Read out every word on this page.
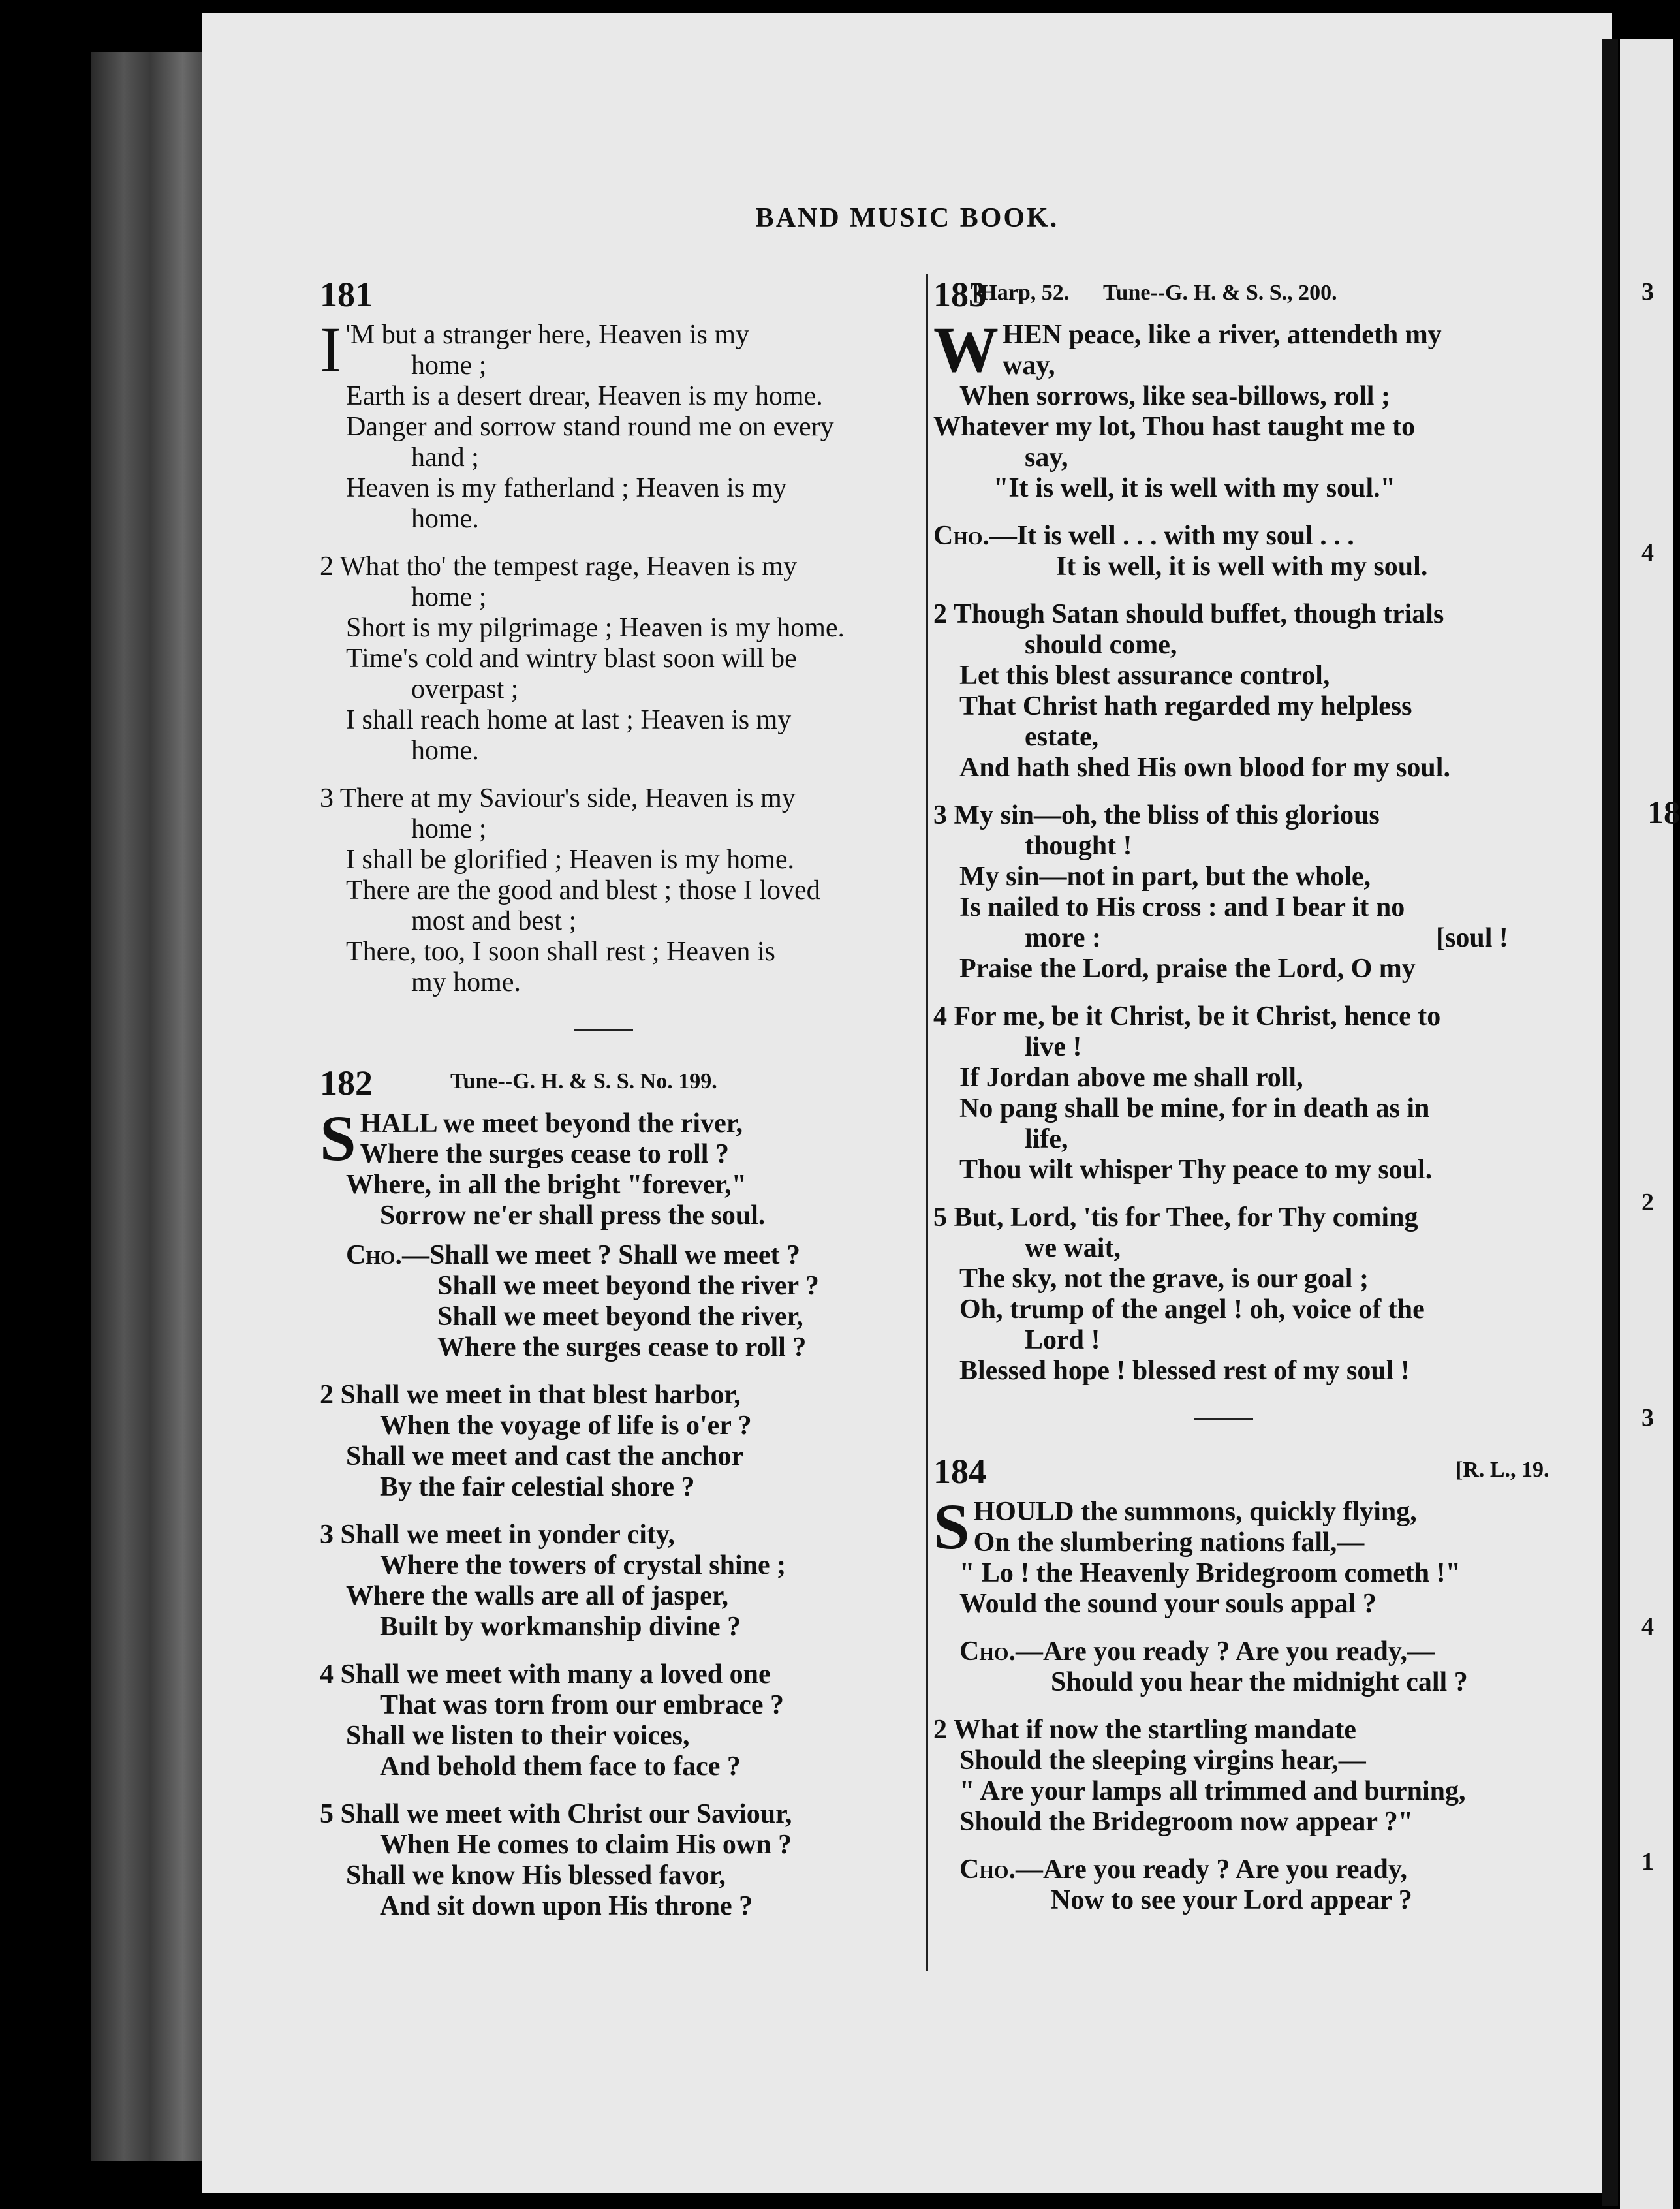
BAND MUSIC BOOK.
181	[Harp, 52.
I 'M but a stranger here, Heaven is my
home ;
Earth is a desert drear, Heaven is my home.
Danger and sorrow stand round me on every
hand ;
Heaven is my fatherland ; Heaven is my
home.
2 What tho' the tempest rage, Heaven is my
home ;
Short is my pilgrimage ; Heaven is my home.
Time's cold and wintry blast soon will be
overpast ;
I shall reach home at last ; Heaven is my
home.
3 There at my Saviour's side, Heaven is my
home ;
I shall be glorified ; Heaven is my home.
There are the good and blest ; those I loved
most and best ;
There, too, I soon shall rest ; Heaven is
my home.
182	Tune--G. H. & S. S. No. 199.
S HALL we meet beyond the river,
Where the surges cease to roll ?
Where, in all the bright "forever,"
Sorrow ne'er shall press the soul.
Cho.—Shall we meet ? Shall we meet ?
Shall we meet beyond the river ?
Shall we meet beyond the river,
Where the surges cease to roll ?
2 Shall we meet in that blest harbor,
When the voyage of life is o'er ?
Shall we meet and cast the anchor
By the fair celestial shore ?
3 Shall we meet in yonder city,
Where the towers of crystal shine ;
Where the walls are all of jasper,
Built by workmanship divine ?
4 Shall we meet with many a loved one
That was torn from our embrace ?
Shall we listen to their voices,
And behold them face to face ?
5 Shall we meet with Christ our Saviour,
When He comes to claim His own ?
Shall we know His blessed favor,
And sit down upon His throne ?
183	Tune--G. H. & S. S., 200.
W HEN peace, like a river, attendeth my
way,
When sorrows, like sea-billows, roll ;
Whatever my lot, Thou hast taught me to
say,
"It is well, it is well with my soul."
Cho.—It is well . . . with my soul . . .
It is well, it is well with my soul.
2 Though Satan should buffet, though trials
should come,
Let this blest assurance control,
That Christ hath regarded my helpless
estate,
And hath shed His own blood for my soul.
3 My sin—oh, the bliss of this glorious
thought !
My sin—not in part, but the whole,
Is nailed to His cross : and I bear it no
more :	[soul !
Praise the Lord, praise the Lord, O my
4 For me, be it Christ, be it Christ, hence to
live !
If Jordan above me shall roll,
No pang shall be mine, for in death as in
life,
Thou wilt whisper Thy peace to my soul.
5 But, Lord, 'tis for Thee, for Thy coming
we wait,
The sky, not the grave, is our goal ;
Oh, trump of the angel ! oh, voice of the
Lord !
Blessed hope ! blessed rest of my soul !
184	[R. L., 19.
S HOULD the summons, quickly flying,
On the slumbering nations fall,—
" Lo ! the Heavenly Bridegroom cometh !"
Would the sound your souls appal ?
Cho.—Are you ready ? Are you ready,—
Should you hear the midnight call ?
2 What if now the startling mandate
Should the sleeping virgins hear,—
" Are your lamps all trimmed and burning,
Should the Bridegroom now appear ?"
Cho.—Are you ready ? Are you ready,
Now to see your Lord appear ?
3
4
18
2
3
4
1
